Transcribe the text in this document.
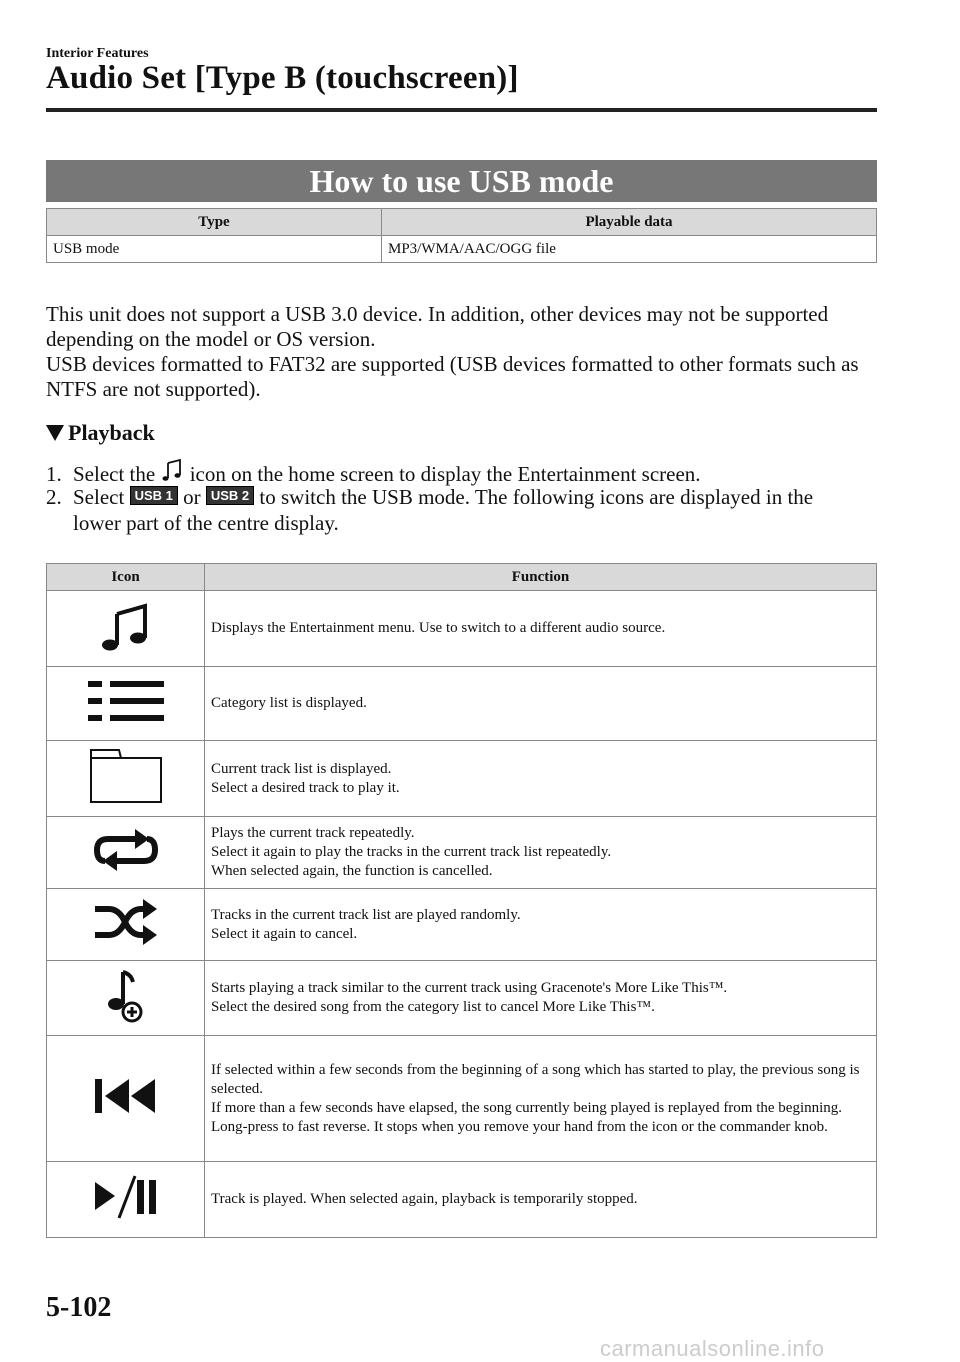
Interior Features
Audio Set [Type B (touchscreen)]
How to use USB mode
Type	Playable data
USB mode	MP3/WMA/AAC/OGG file
This unit does not support a USB 3.0 device. In addition, other devices may not be supported depending on the model or OS version.
USB devices formatted to FAT32 are supported (USB devices formatted to other formats such as NTFS are not supported).
Playback
1. Select the icon on the home screen to display the Entertainment screen.
2. Select USB 1 or USB 2 to switch the USB mode. The following icons are displayed in the
lower part of the centre display.
Icon	Function

Displays the Entertainment menu. Use to switch to a different audio source.

Category list is displayed.

Current track list is displayed.
Select a desired track to play it.

Plays the current track repeatedly.
Select it again to play the tracks in the current track list repeatedly.
When selected again, the function is cancelled.

Tracks in the current track list are played randomly.
Select it again to cancel.

Starts playing a track similar to the current track using Gracenote's More Like This™.
Select the desired song from the category list to cancel More Like This™.

If selected within a few seconds from the beginning of a song which has started to play, the previous song is selected.
If more than a few seconds have elapsed, the song currently being played is replayed from the beginning.
Long-press to fast reverse. It stops when you remove your hand from the icon or the commander knob.

Track is played. When selected again, playback is temporarily stopped.
5-102
carmanualsonline.info
